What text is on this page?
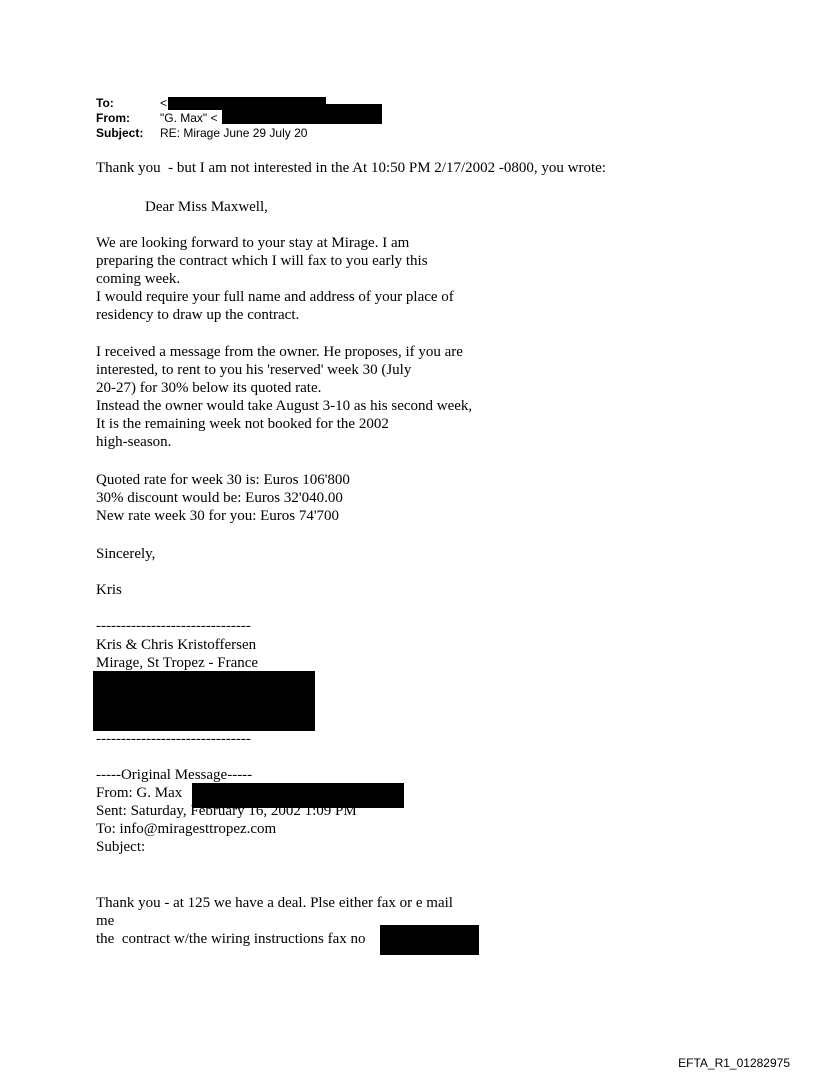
To:	<
From:	"G. Max" <
Subject:	RE: Mirage June 29 July 20
Thank you  - but I am not interested in the At 10:50 PM 2/17/2002 -0800, you wrote:
Dear Miss Maxwell,
We are looking forward to your stay at Mirage. I am
preparing the contract which I will fax to you early this
coming week.
I would require your full name and address of your place of
residency to draw up the contract.
I received a message from the owner. He proposes, if you are
interested, to rent to you his 'reserved' week 30 (July
20-27) for 30% below its quoted rate.
Instead the owner would take August 3-10 as his second week,
It is the remaining week not booked for the 2002
high-season.
Quoted rate for week 30 is: Euros 106'800
30% discount would be: Euros 32'040.00
New rate week 30 for you: Euros 74'700
Sincerely,
Kris
-------------------------------
Kris & Chris Kristoffersen
Mirage, St Tropez - France
-------------------------------
-----Original Message-----
From: G. Max
Sent: Saturday, February 16, 2002 1:09 PM
To: info@miragesttropez.com
Subject:
Thank you - at 125 we have a deal. Plse either fax or e mail
me
the  contract w/the wiring instructions fax no
EFTA_R1_01282975
